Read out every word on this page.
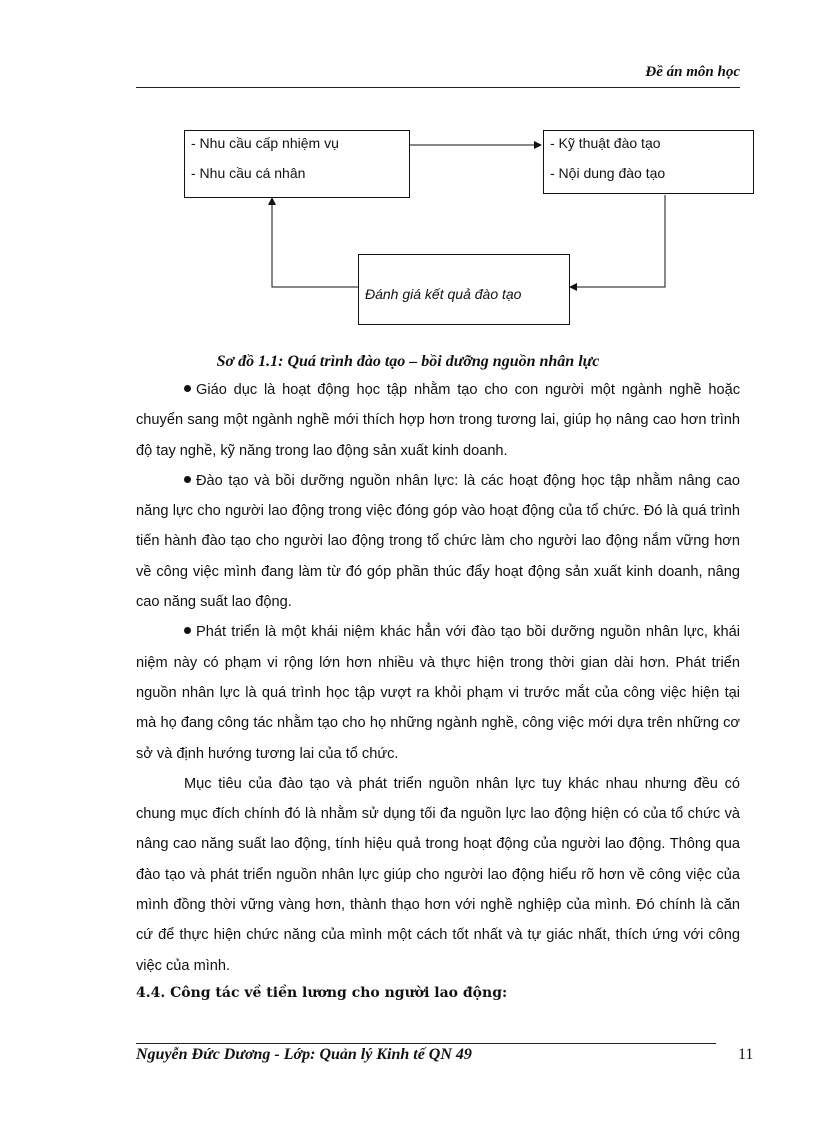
Đề án môn học
- Nhu cầu cấp nhiệm vụ
- Nhu cầu cá nhân
- Kỹ thuật đào tạo
- Nội dung đào tạo
Đánh giá kết quả đào tạo
Sơ đồ 1.1: Quá trình đào tạo – bồi dưỡng nguồn nhân lực

Giáo dục là hoạt động học tập nhằm tạo cho con người một ngành nghề hoặc chuyển sang một ngành nghề mới thích hợp hơn trong tương lai, giúp họ nâng cao hơn trình độ tay nghề, kỹ năng trong lao động sản xuất kinh doanh.

Đào tạo và bồi dưỡng nguồn nhân lực: là các hoạt động học tập nhằm nâng cao năng lực cho người lao động trong việc đóng góp vào hoạt động của tổ chức. Đó là quá trình tiến hành đào tạo cho người lao động trong tổ chức làm cho người lao động nắm vững hơn về công việc mình đang làm từ đó góp phần thúc đẩy hoạt động sản xuất kinh doanh, nâng cao năng suất lao động.

Phát triển là một khái niệm khác hẳn với đào tạo bồi dưỡng nguồn nhân lực, khái niệm này có phạm vi rộng lớn hơn nhiều và thực hiện trong thời gian dài hơn. Phát triển nguồn nhân lực là quá trình học tập vượt ra khỏi phạm vi trước mắt của công việc hiện tại mà họ đang công tác nhằm tạo cho họ những ngành nghề, công việc mới dựa trên những cơ sở và định hướng tương lai của tổ chức.

Mục tiêu của đào tạo và phát triển nguồn nhân lực tuy khác nhau nhưng đều có chung mục đích chính đó là nhằm sử dụng tối đa nguồn lực lao động hiện có của tổ chức và nâng cao năng suất lao động, tính hiệu quả trong hoạt động của người lao động. Thông qua đào tạo và phát triển nguồn nhân lực giúp cho người lao động hiểu rõ hơn về công việc của mình đồng thời vững vàng hơn, thành thạo hơn với nghề nghiệp của mình. Đó chính là căn cứ để thực hiện chức năng của mình một cách tốt nhất và tự giác nhất, thích ứng với công việc của mình.

4.4. Công tác về tiền lương cho người lao động:
Nguyễn Đức Dương - Lớp: Quản lý Kinh tế QN 49	11
